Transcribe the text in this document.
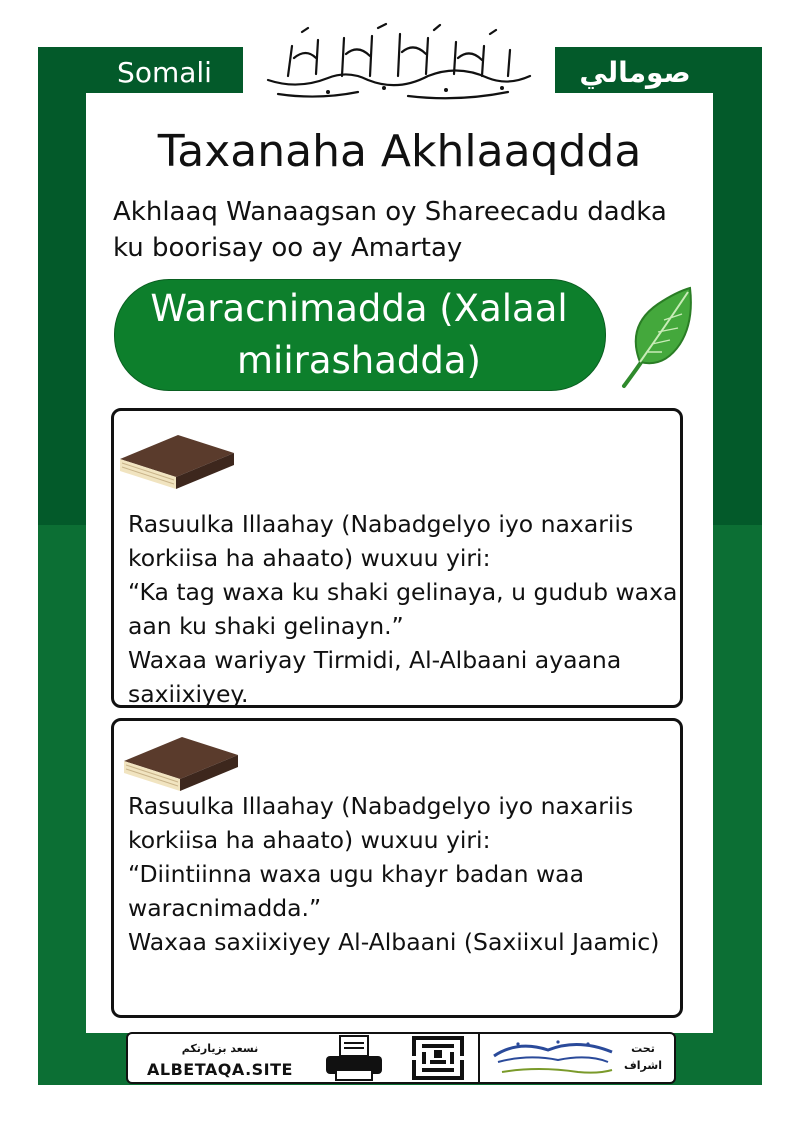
Somali	صومالي
Taxanaha Akhlaaqdda
Akhlaaq Wanaagsan oy Shareecadu dadka
ku boorisay oo ay Amartay
Waracnimadda (Xalaal
miirashadda)
Rasuulka Illaahay (Nabadgelyo iyo naxariis
korkiisa ha ahaato) wuxuu yiri:
“Ka tag waxa ku shaki gelinaya, u gudub waxa
aan ku shaki gelinayn.”
Waxaa wariyay Tirmidi, Al-Albaani ayaana
saxiixiyey.
Rasuulka Illaahay (Nabadgelyo iyo naxariis
korkiisa ha ahaato) wuxuu yiri:
“Diintiinna waxa ugu khayr badan waa
waracnimadda.”
Waxaa saxiixiyey Al-Albaani (Saxiixul Jaamic)
نسعد بزيارتكم
ALBETAQA.SITE
تحت
اشراف
